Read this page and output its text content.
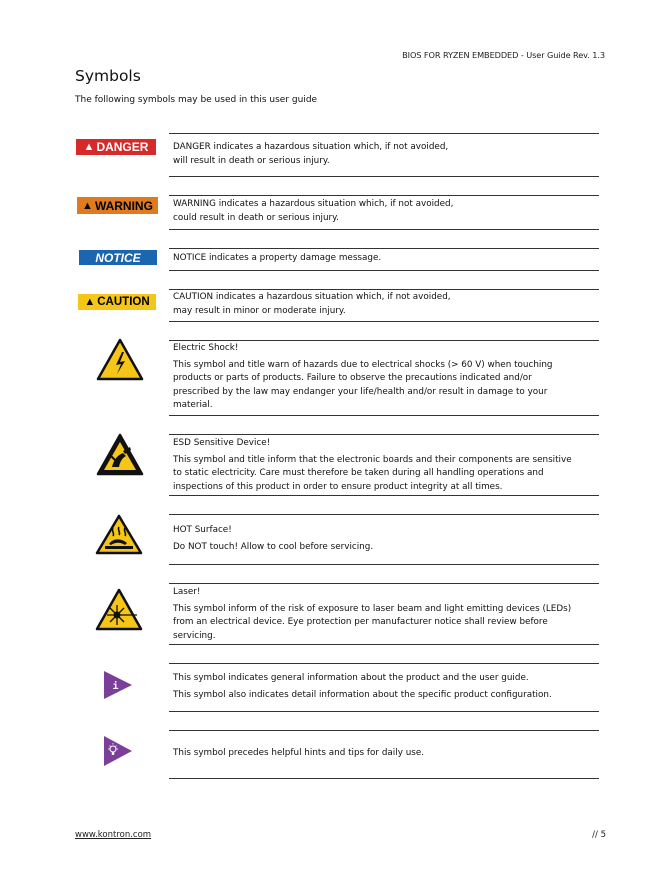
BIOS FOR RYZEN EMBEDDED - User Guide Rev. 1.3
Symbols
The following symbols may be used in this user guide
▲ DANGER
▲ WARNING
NOTICE
▲ CAUTION
i

DANGER indicates a hazardous situation which, if not avoided,

will result in death or serious injury.

WARNING indicates a hazardous situation which, if not avoided,

could result in death or serious injury.

NOTICE indicates a property damage message.

CAUTION indicates a hazardous situation which, if not avoided,

may result in minor or moderate injury.

Electric Shock!

This symbol and title warn of hazards due to electrical shocks (> 60 V) when touching

products or parts of products. Failure to observe the precautions indicated and/or

prescribed by the law may endanger your life/health and/or result in damage to your

material.

ESD Sensitive Device!

This symbol and title inform that the electronic boards and their components are sensitive

to static electricity. Care must therefore be taken during all handling operations and

inspections of this product in order to ensure product integrity at all times.

HOT Surface!

Do NOT touch! Allow to cool before servicing.

Laser!

This symbol inform of the risk of exposure to laser beam and light emitting devices (LEDs)

from an electrical device. Eye protection per manufacturer notice shall review before

servicing.

This symbol indicates general information about the product and the user guide.

This symbol also indicates detail information about the specific product configuration.

This symbol precedes helpful hints and tips for daily use.

www.kontron.com	// 5
